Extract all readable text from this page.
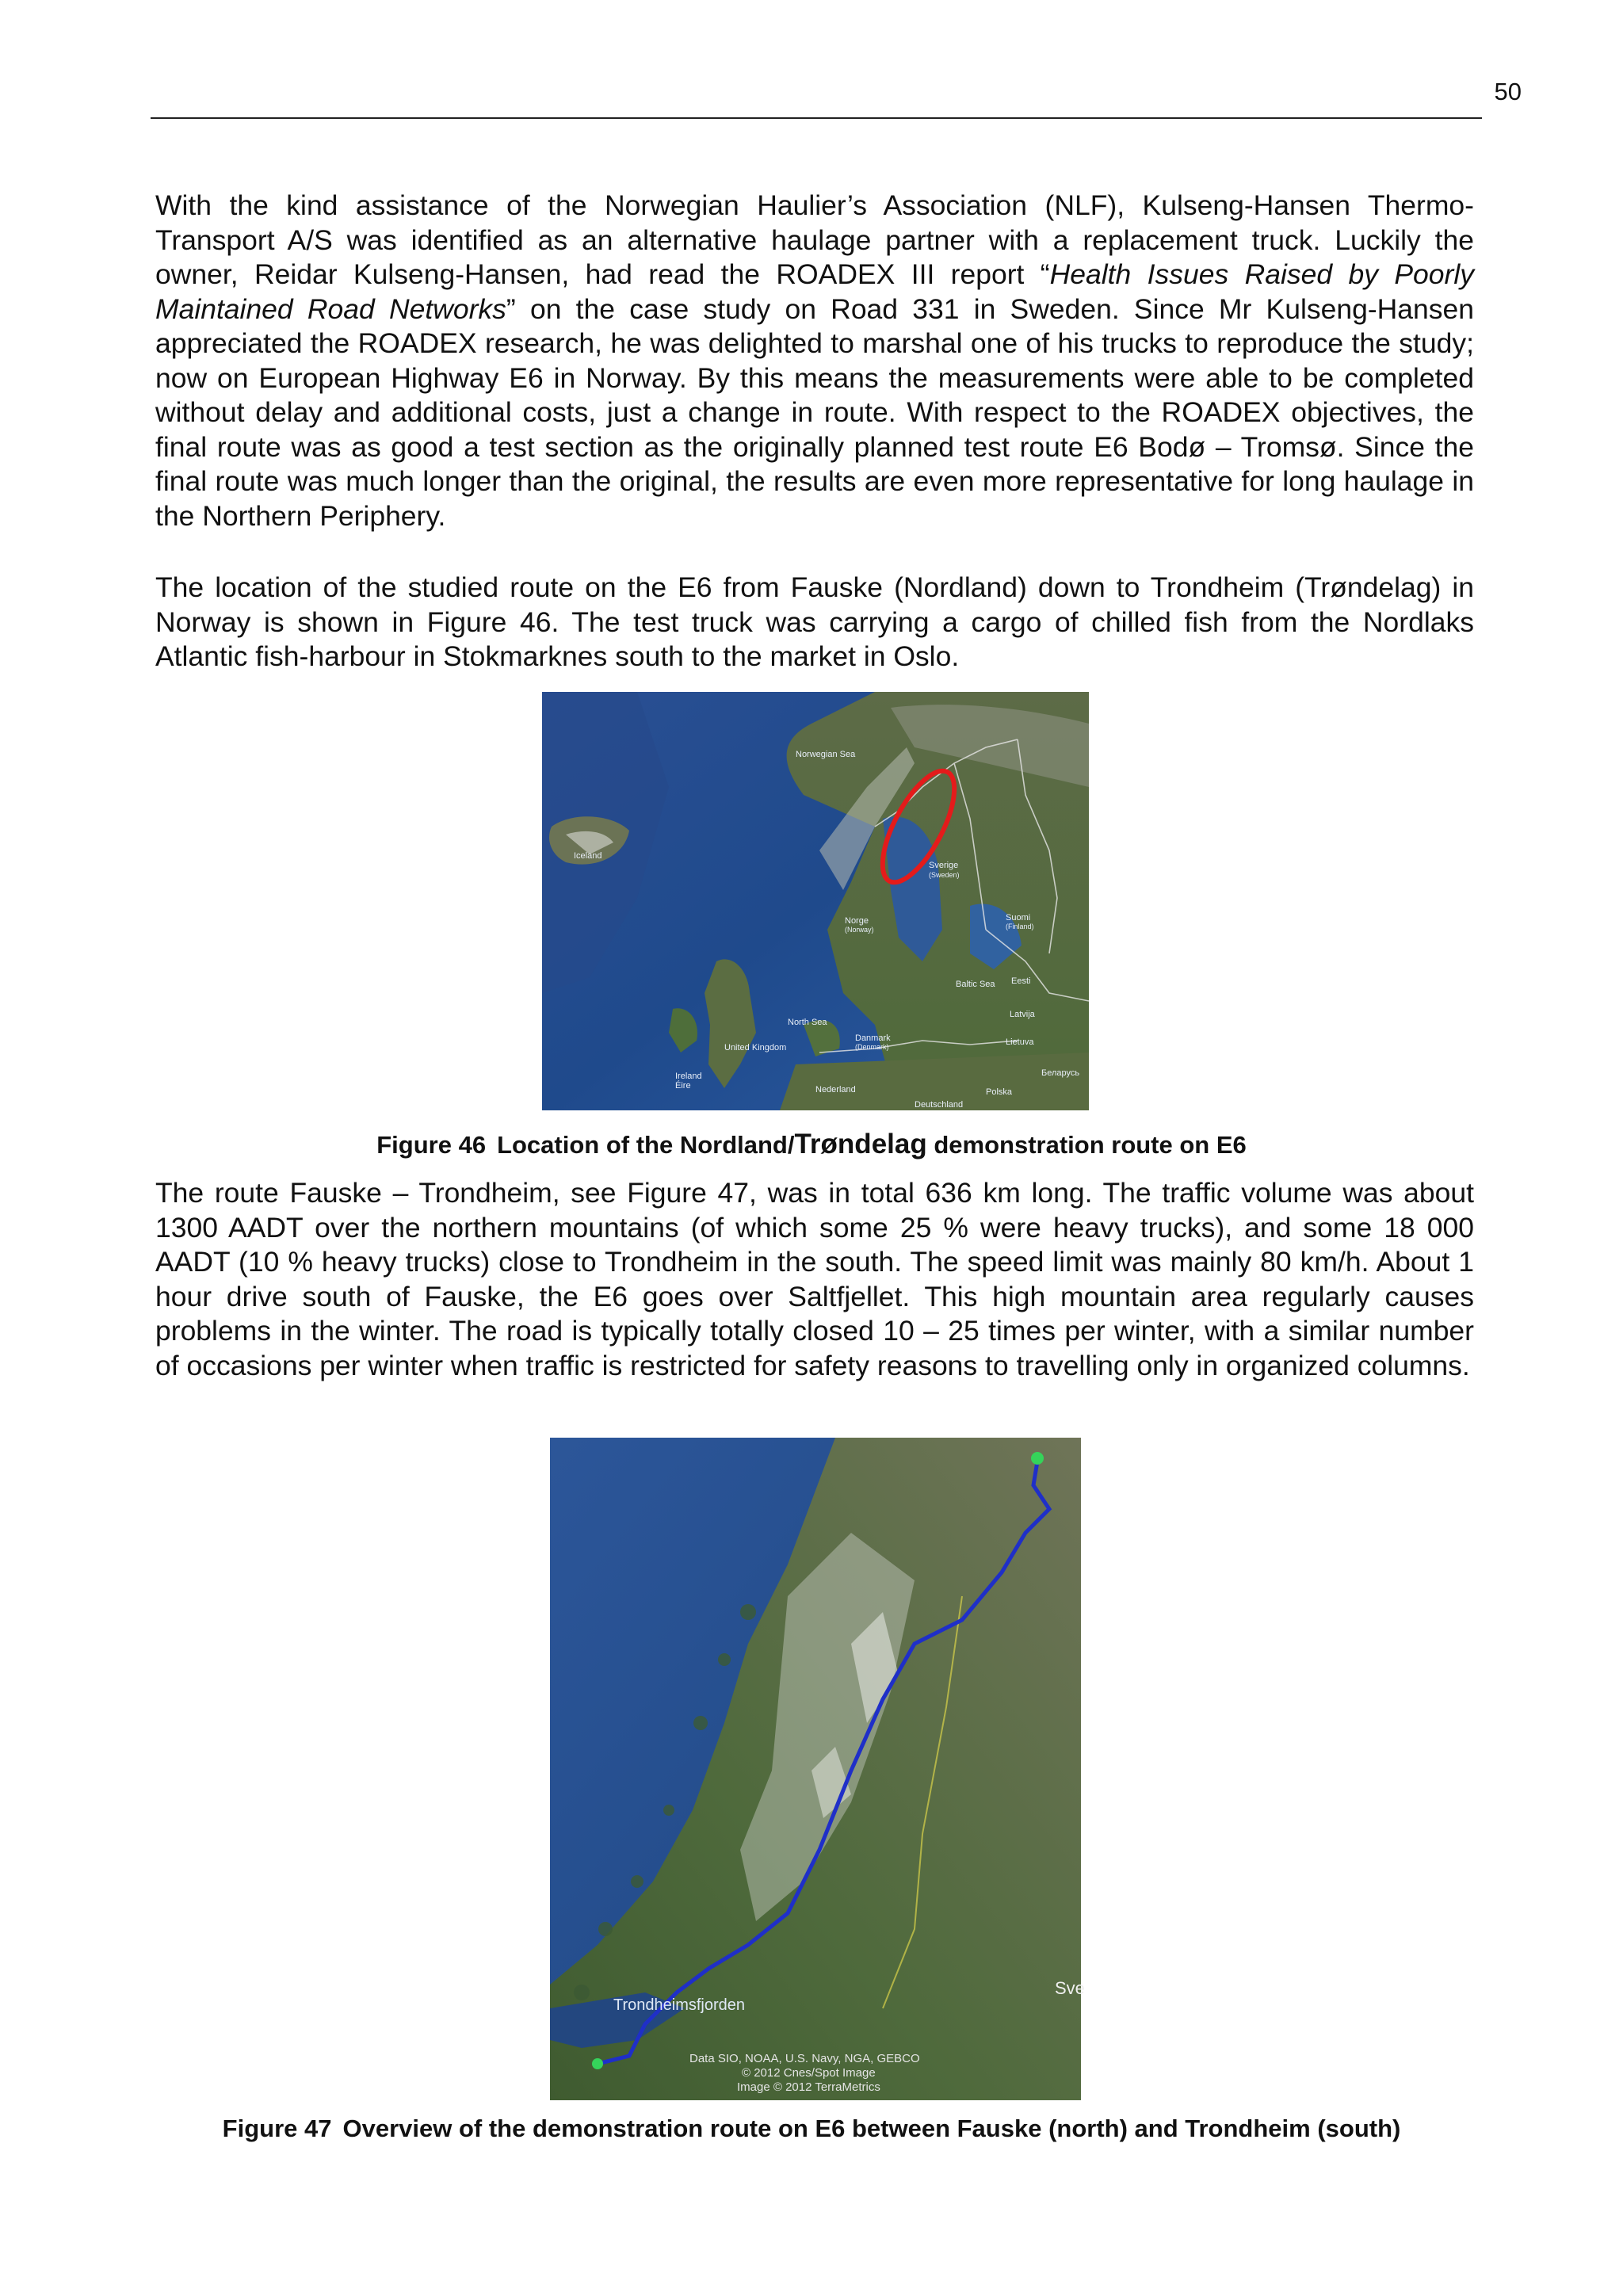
50

With the kind assistance of the Norwegian Haulier’s Association (NLF), Kulseng-Hansen Thermo-Transport A/S was identified as an alternative haulage partner with a replacement truck. Luckily the owner, Reidar Kulseng-Hansen, had read the ROADEX III report “Health Issues Raised by Poorly Maintained Road Networks” on the case study on Road 331 in Sweden. Since Mr Kulseng-Hansen appreciated the ROADEX research, he was delighted to marshal one of his trucks to reproduce the study; now on European Highway E6 in Norway. By this means the measurements were able to be completed without delay and additional costs, just a change in route. With respect to the ROADEX objectives, the final route was as good a test section as the originally planned test route E6 Bodø – Tromsø. Since the final route was much longer than the original, the results are even more representative for long haulage in the Northern Periphery.

The location of the studied route on the E6 from Fauske (Nordland) down to Trondheim (Trøndelag) in Norway is shown in Figure 46. The test truck was carrying a cargo of chilled fish from the Nordlaks Atlantic fish-harbour in Stokmarknes south to the market in Oslo.

Norwegian Sea
Iceland
Sverige
(Sweden)
Norge
(Norway)
Suomi
(Finland)
Eesti
Latvija
Lietuva
Baltic Sea
North Sea
United Kingdom
Ireland
Éire
Danmark
(Denmark)
Nederland	Polska
Deutschland
Беларусь

Figure 46 Location of the Nordland/Trøndelag demonstration route on E6

The route Fauske – Trondheim, see Figure 47, was in total 636 km long. The traffic volume was about 1300 AADT over the northern mountains (of which some 25 % were heavy trucks), and some 18 000 AADT (10 % heavy trucks) close to Trondheim in the south. The speed limit was mainly 80 km/h. About 1 hour drive south of Fauske, the E6 goes over Saltfjellet. This high mountain area regularly causes problems in the winter. The road is typically totally closed 10 – 25 times per winter, with a similar number of occasions per winter when traffic is restricted for safety reasons to travelling only in organized columns.

Trondheimsfjorden
Sve
Data SIO, NOAA, U.S. Navy, NGA, GEBCO
© 2012 Cnes/Spot Image
Image © 2012 TerraMetrics

Figure 47 Overview of the demonstration route on E6 between Fauske (north) and Trondheim (south)
